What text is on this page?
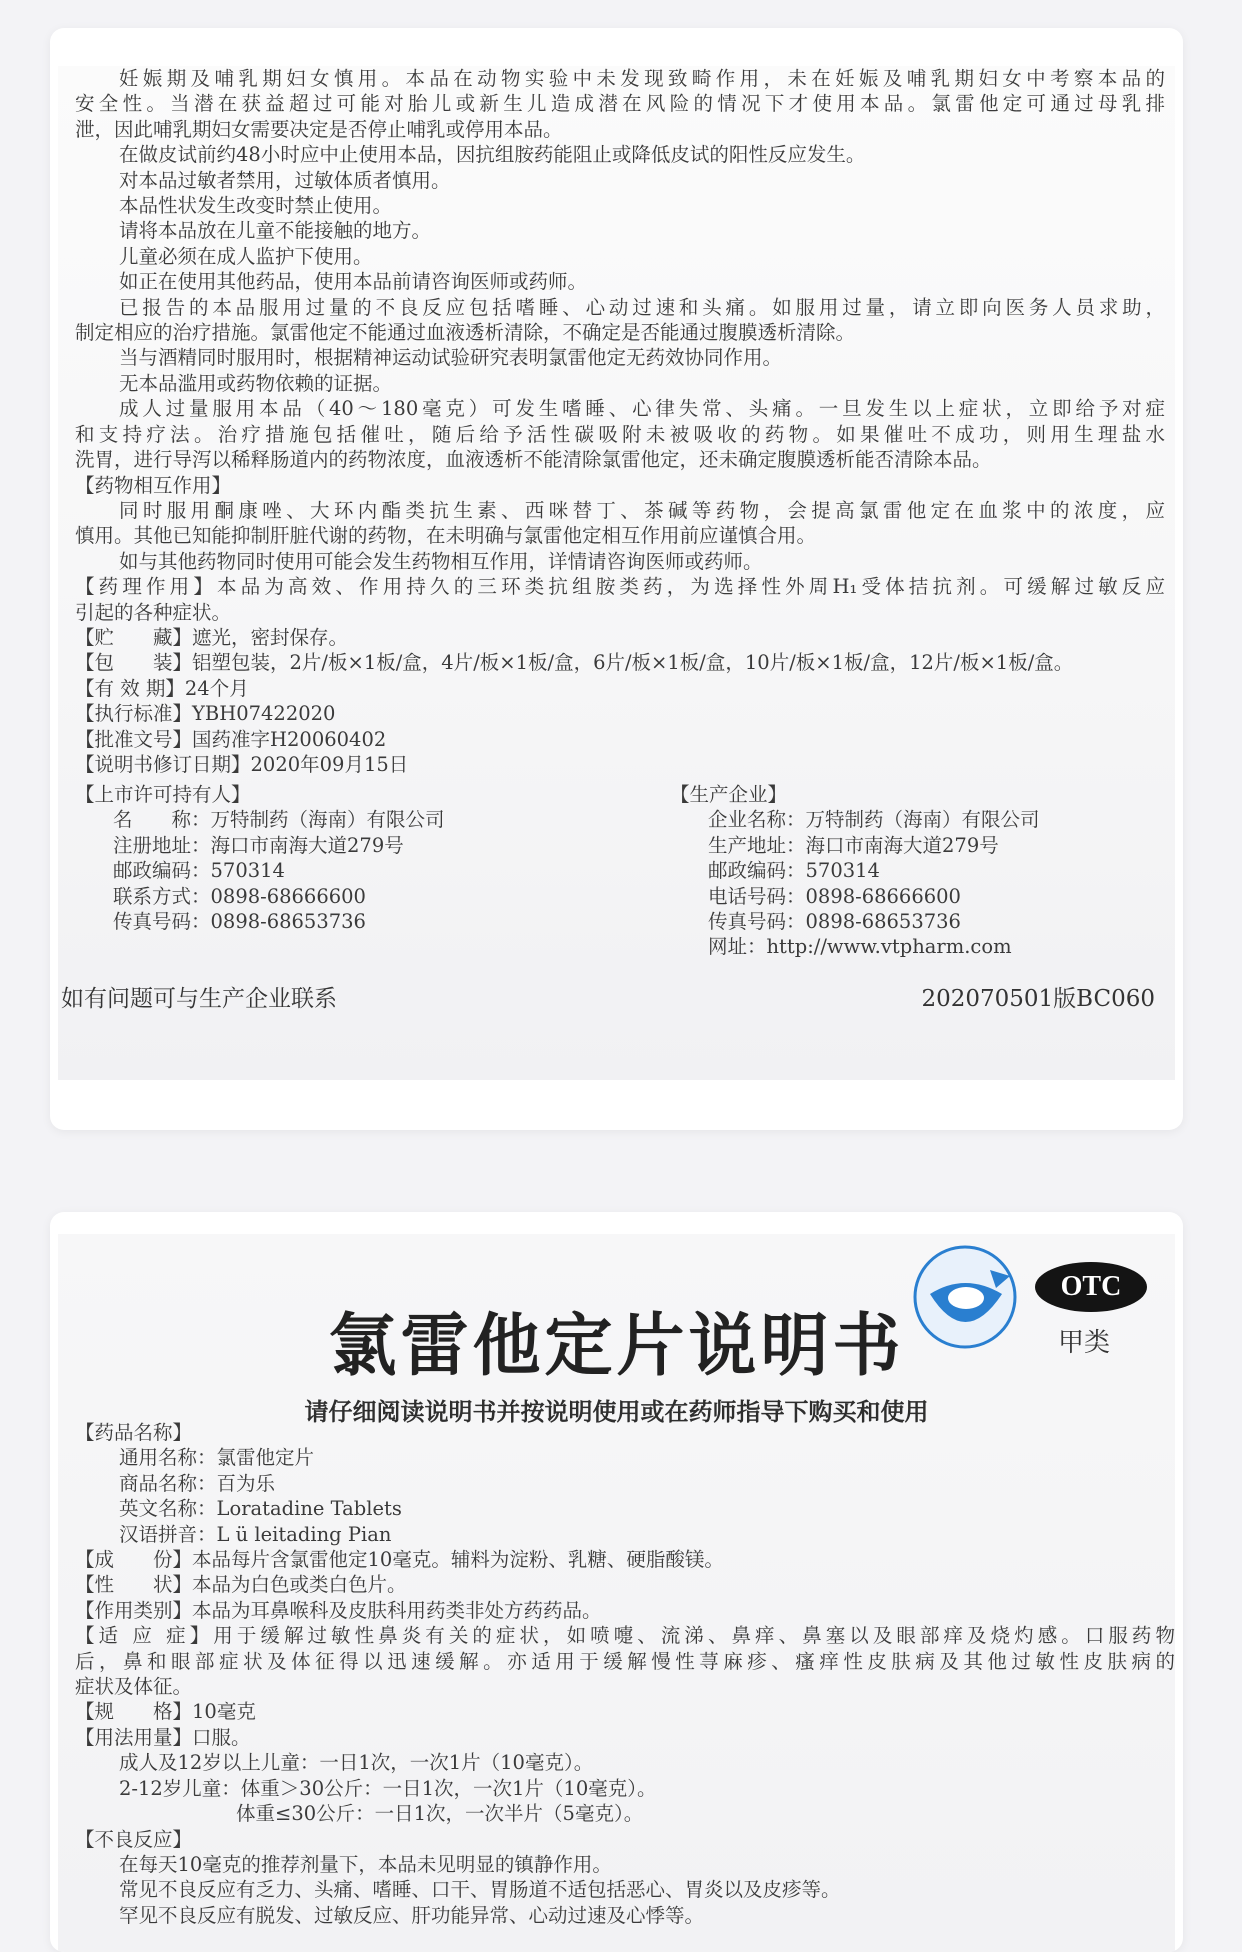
妊娠期及哺乳期妇女慎用。本品在动物实验中未发现致畸作用，未在妊娠及哺乳期妇女中考察本品的
安全性。当潜在获益超过可能对胎儿或新生儿造成潜在风险的情况下才使用本品。氯雷他定可通过母乳排
泄，因此哺乳期妇女需要决定是否停止哺乳或停用本品。
在做皮试前约48小时应中止使用本品，因抗组胺药能阻止或降低皮试的阳性反应发生。
对本品过敏者禁用，过敏体质者慎用。
本品性状发生改变时禁止使用。
请将本品放在儿童不能接触的地方。
儿童必须在成人监护下使用。
如正在使用其他药品，使用本品前请咨询医师或药师。
已报告的本品服用过量的不良反应包括嗜睡、心动过速和头痛。如服用过量，请立即向医务人员求助，
制定相应的治疗措施。氯雷他定不能通过血液透析清除，不确定是否能通过腹膜透析清除。
当与酒精同时服用时，根据精神运动试验研究表明氯雷他定无药效协同作用。
无本品滥用或药物依赖的证据。
成人过量服用本品（40～180毫克）可发生嗜睡、心律失常、头痛。一旦发生以上症状，立即给予对症
和支持疗法。治疗措施包括催吐，随后给予活性碳吸附未被吸收的药物。如果催吐不成功，则用生理盐水
洗胃，进行导泻以稀释肠道内的药物浓度，血液透析不能清除氯雷他定，还未确定腹膜透析能否清除本品。
【药物相互作用】
同时服用酮康唑、大环内酯类抗生素、西咪替丁、茶碱等药物，会提高氯雷他定在血浆中的浓度，应
慎用。其他已知能抑制肝脏代谢的药物，在未明确与氯雷他定相互作用前应谨慎合用。
如与其他药物同时使用可能会发生药物相互作用，详情请咨询医师或药师。
【药理作用】本品为高效、作用持久的三环类抗组胺类药，为选择性外周H₁受体拮抗剂。可缓解过敏反应
引起的各种症状。
【贮　　藏】遮光，密封保存。
【包　　装】铝塑包装，2片/板×1板/盒，4片/板×1板/盒，6片/板×1板/盒，10片/板×1板/盒，12片/板×1板/盒。
【有 效 期】24个月
【执行标准】YBH07422020
【批准文号】国药准字H20060402
【说明书修订日期】2020年09月15日
【上市许可持有人】
名　　称：万特制药（海南）有限公司
注册地址：海口市南海大道279号
邮政编码：570314
联系方式：0898-68666600
传真号码：0898-68653736
【生产企业】
企业名称：万特制药（海南）有限公司
生产地址：海口市南海大道279号
邮政编码：570314
电话号码：0898-68666600
传真号码：0898-68653736
网址：http://www.vtpharm.com
如有问题可与生产企业联系	202070501版BC060
OTC
甲类
氯雷他定片说明书
请仔细阅读说明书并按说明使用或在药师指导下购买和使用
【药品名称】
通用名称：氯雷他定片
商品名称：百为乐
英文名称：Loratadine Tablets
汉语拼音：L ü leitading Pian
【成　　份】本品每片含氯雷他定10毫克。辅料为淀粉、乳糖、硬脂酸镁。
【性　　状】本品为白色或类白色片。
【作用类别】本品为耳鼻喉科及皮肤科用药类非处方药药品。
【适 应 症】用于缓解过敏性鼻炎有关的症状，如喷嚏、流涕、鼻痒、鼻塞以及眼部痒及烧灼感。口服药物
后，鼻和眼部症状及体征得以迅速缓解。亦适用于缓解慢性荨麻疹、瘙痒性皮肤病及其他过敏性皮肤病的
症状及体征。
【规　　格】10毫克
【用法用量】口服。
成人及12岁以上儿童：一日1次，一次1片（10毫克）。
2-12岁儿童：体重＞30公斤：一日1次，一次1片（10毫克）。
　　　　　　体重≤30公斤：一日1次，一次半片（5毫克）。
【不良反应】
在每天10毫克的推荐剂量下，本品未见明显的镇静作用。
常见不良反应有乏力、头痛、嗜睡、口干、胃肠道不适包括恶心、胃炎以及皮疹等。
罕见不良反应有脱发、过敏反应、肝功能异常、心动过速及心悸等。
